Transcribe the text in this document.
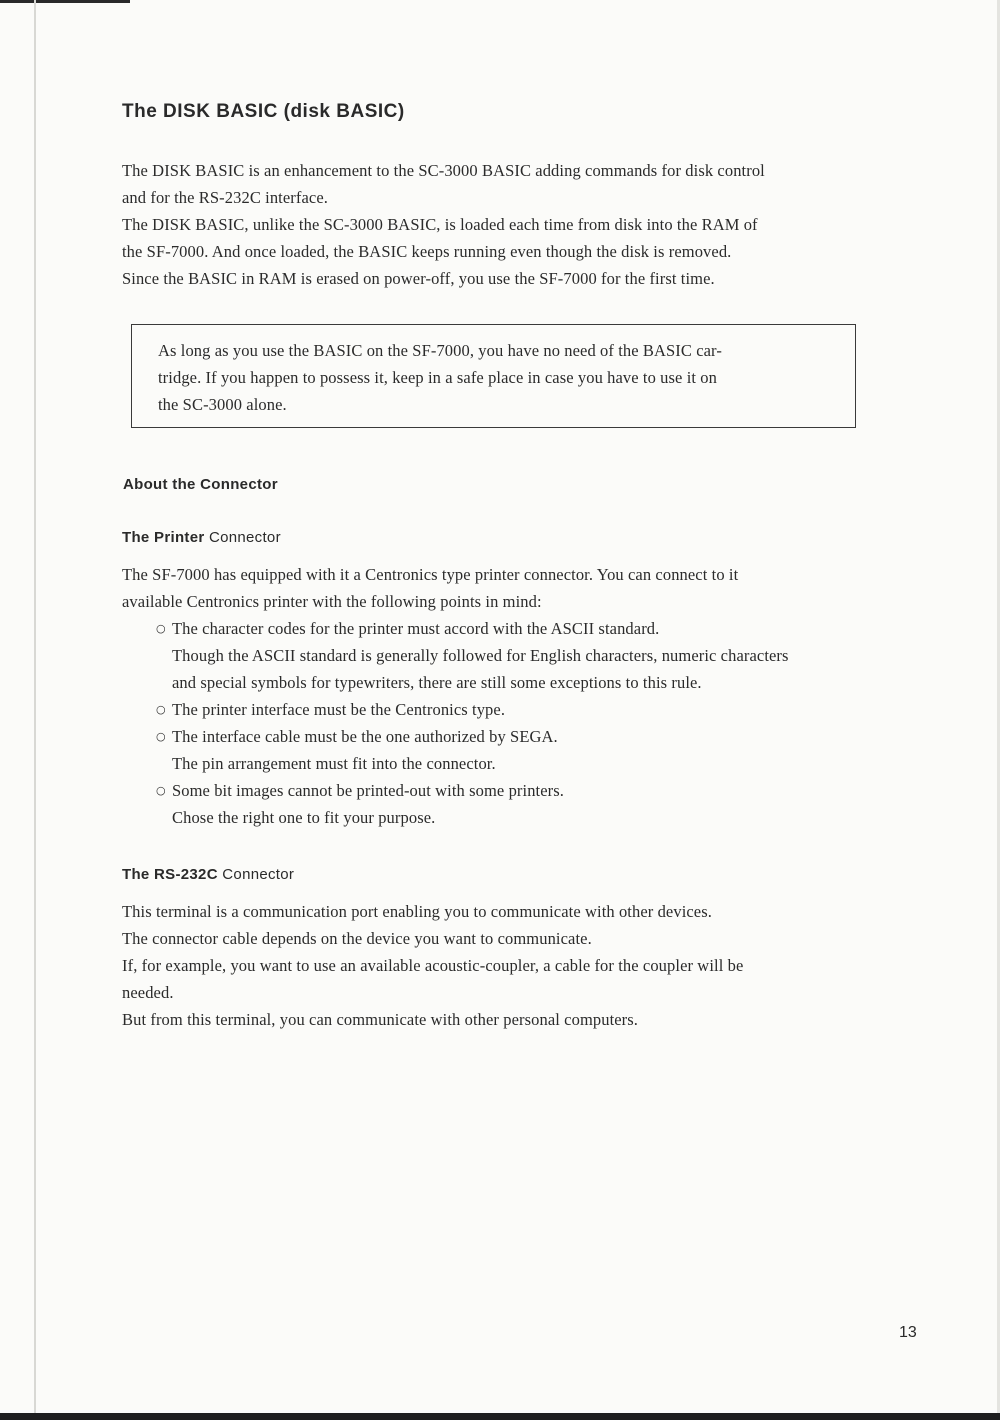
The DISK BASIC (disk BASIC)
The DISK BASIC is an enhancement to the SC-3000 BASIC adding commands for disk control
and for the RS-232C interface.
The DISK BASIC, unlike the SC-3000 BASIC, is loaded each time from disk into the RAM of
the SF-7000. And once loaded, the BASIC keeps running even though the disk is removed.
Since the BASIC in RAM is erased on power-off, you use the SF-7000 for the first time.
As long as you use the BASIC on the SF-7000, you have no need of the BASIC car-
tridge. If you happen to possess it, keep in a safe place in case you have to use it on
the SC-3000 alone.
About the Connector
The Printer Connector
The SF-7000 has equipped with it a Centronics type printer connector. You can connect to it
available Centronics printer with the following points in mind:
○ The character codes for the printer must accord with the ASCII standard.
Though the ASCII standard is generally followed for English characters, numeric characters
and special symbols for typewriters, there are still some exceptions to this rule.
○ The printer interface must be the Centronics type.
○ The interface cable must be the one authorized by SEGA.
The pin arrangement must fit into the connector.
○ Some bit images cannot be printed-out with some printers.
Chose the right one to fit your purpose.
The RS-232C Connector
This terminal is a communication port enabling you to communicate with other devices.
The connector cable depends on the device you want to communicate.
If, for example, you want to use an available acoustic-coupler, a cable for the coupler will be
needed.
But from this terminal, you can communicate with other personal computers.
13
